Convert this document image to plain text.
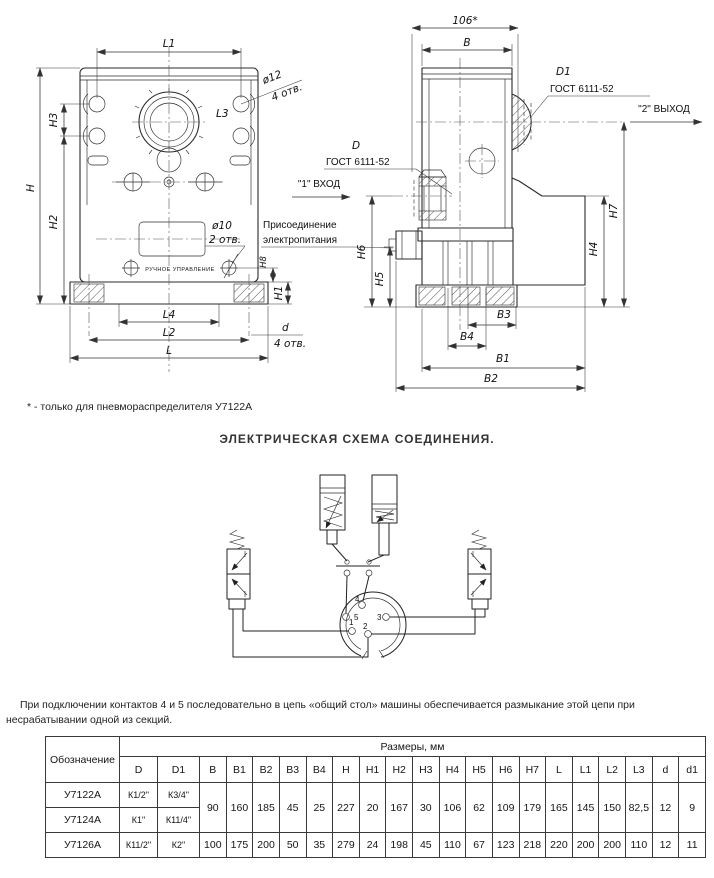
РУЧНОЕ УПРАВЛЕНИЕ
L1
L3
H
H3
H2
ø12
4 отв.
ø10
2 отв.
H8
H1
L4
L2
L
d
4 отв.
106*
B
D1
ГОСТ 6111-52
"2" ВЫХОД
D
ГОСТ 6111-52
"1" ВХОД
Присоединение
электропитания
H6
H5
H4
H7
B3
B4
B1
B2
* - только для пневмораспределителя У7122А
ЭЛЕКТРИЧЕСКАЯ СХЕМА СОЕДИНЕНИЯ.
5
4
3
1 2
При подключении контактов 4 и 5 последовательно в цепь «общий стол» машины обеспечивается размыкание этой цепи при несрабатывании одной из секций.
Обозначение	Размеры, мм																				
	D	D1	B	B1	B2	B3	B4	H	H1	H2	H3	H4	H5	H6	H7	L	L1	L2	L3	d	d1
У7122А	К1/2"	К3/4"	90	160	185	45	25	227	20	167	30	106	62	109	179	165	145	150	82,5	12	9
У7124А	К1"	К11/4"																			
У7126А	К11/2"	К2"	100	175	200	50	35	279	24	198	45	110	67	123	218	220	200	200	110	12	11
